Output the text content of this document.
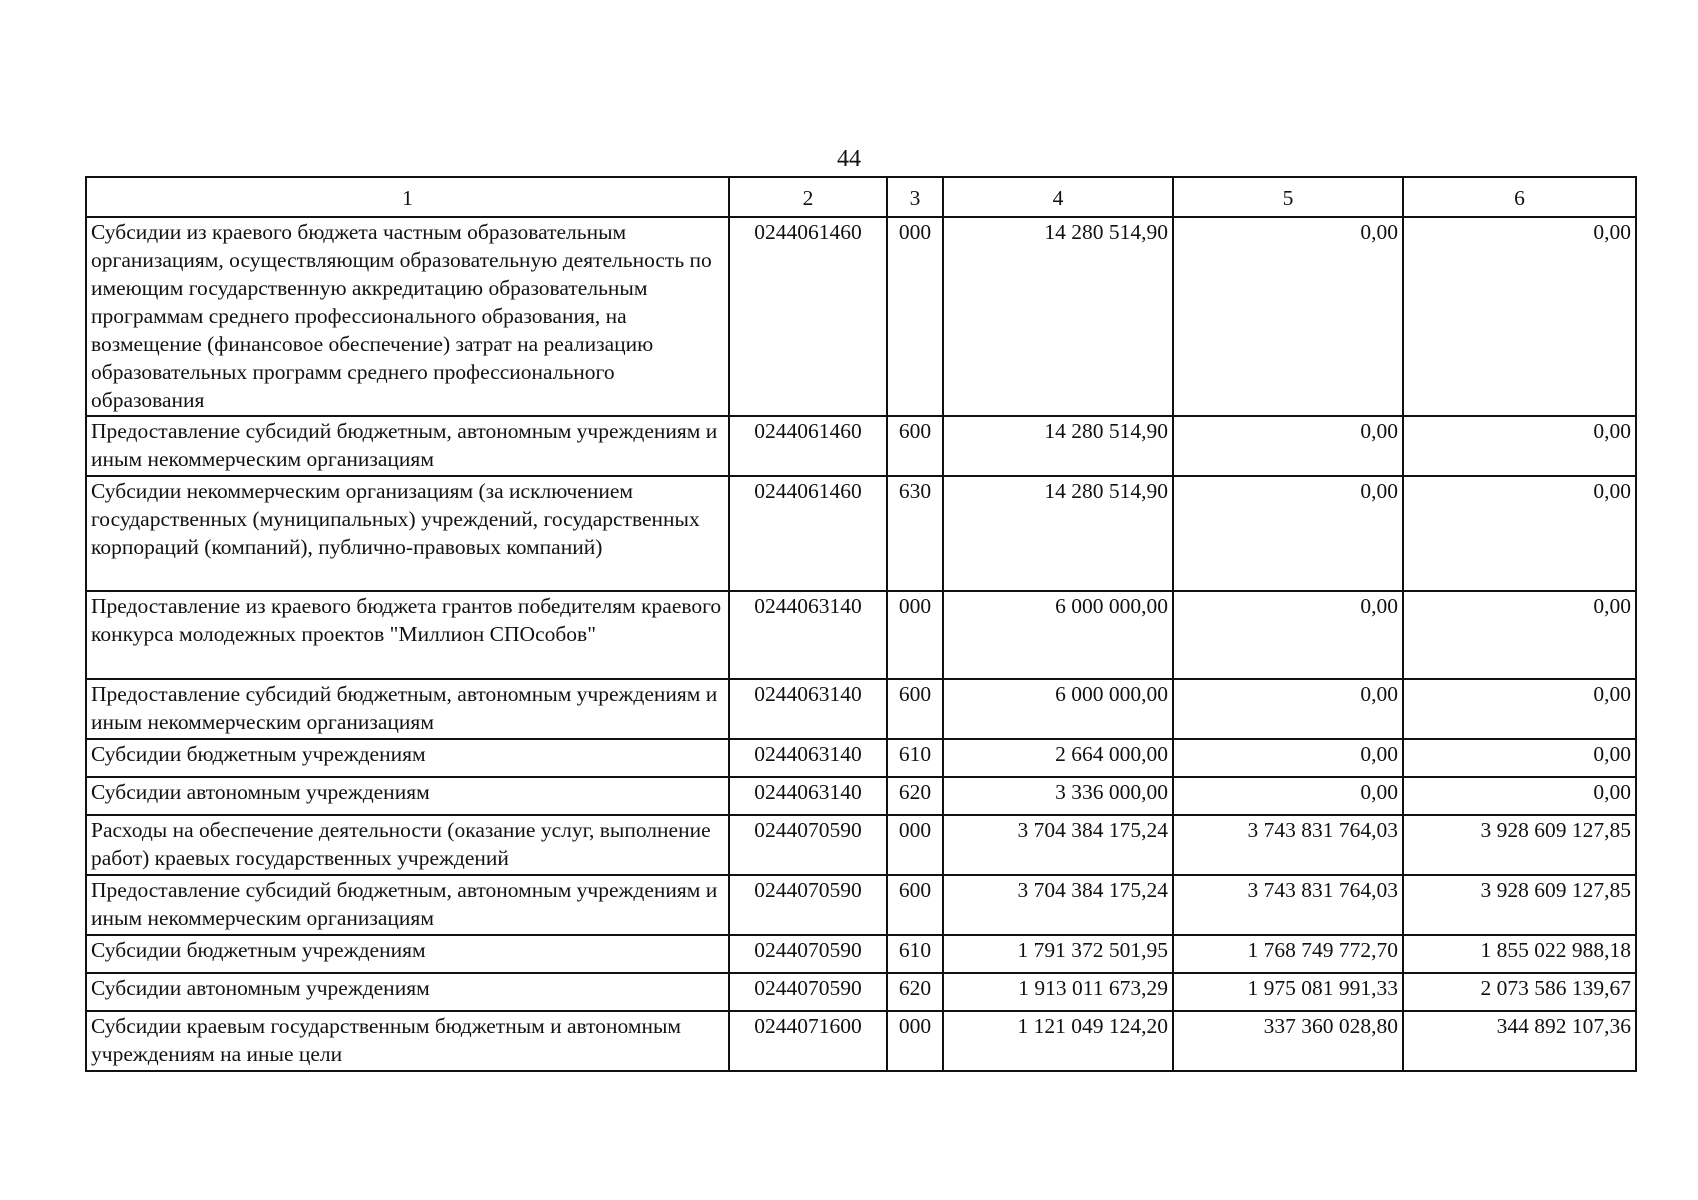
44
1	2	3	4	5	6
Субсидии из краевого бюджета частным образовательным организациям, осуществляющим образовательную деятельность по имеющим государственную аккредитацию образовательным программам среднего профессионального образования, на возмещение (финансовое обеспечение) затрат на реализацию образовательных программ среднего профессионального образования	0244061460	000	14 280 514,90	0,00	0,00
Предоставление субсидий бюджетным, автономным учреждениям и иным некоммерческим организациям	0244061460	600	14 280 514,90	0,00	0,00
Субсидии некоммерческим организациям (за исключением государственных (муниципальных) учреждений, государственных корпораций (компаний), публично-правовых компаний)	0244061460	630	14 280 514,90	0,00	0,00
Предоставление из краевого бюджета грантов победителям краевого конкурса молодежных проектов "Миллион СПОсобов"	0244063140	000	6 000 000,00	0,00	0,00
Предоставление субсидий бюджетным, автономным учреждениям и иным некоммерческим организациям	0244063140	600	6 000 000,00	0,00	0,00
Субсидии бюджетным учреждениям	0244063140	610	2 664 000,00	0,00	0,00
Субсидии автономным учреждениям	0244063140	620	3 336 000,00	0,00	0,00
Расходы на обеспечение деятельности (оказание услуг, выполнение работ) краевых государственных учреждений	0244070590	000	3 704 384 175,24	3 743 831 764,03	3 928 609 127,85
Предоставление субсидий бюджетным, автономным учреждениям и иным некоммерческим организациям	0244070590	600	3 704 384 175,24	3 743 831 764,03	3 928 609 127,85
Субсидии бюджетным учреждениям	0244070590	610	1 791 372 501,95	1 768 749 772,70	1 855 022 988,18
Субсидии автономным учреждениям	0244070590	620	1 913 011 673,29	1 975 081 991,33	2 073 586 139,67
Субсидии краевым государственным бюджетным и автономным учреждениям на иные цели	0244071600	000	1 121 049 124,20	337 360 028,80	344 892 107,36
